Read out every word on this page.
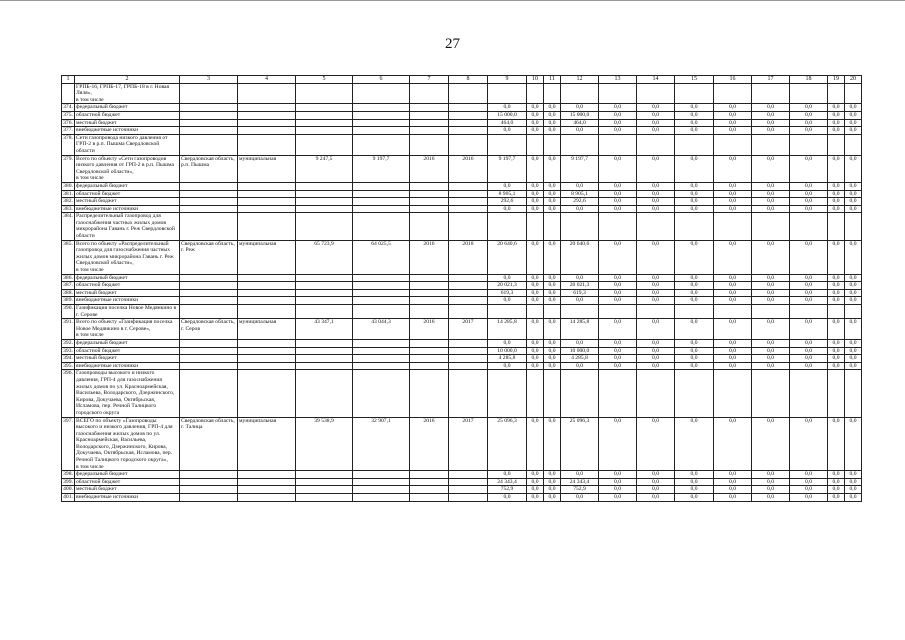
27
1	2	3	4	5	6	7	8	9	10	11	12	13	14	15	16	17	18	19	20
	ГРПБ-16, ГРПБ-17, ГРПБ-18 в г. Новая Ляля»,
в том числе																		
374.	федеральный бюджет							0,0	0,0	0,0	0,0	0,0	0,0	0,0	0,0	0,0	0,0	0,0	0,0
375.	областной бюджет							15 000,0	0,0	0,0	15 000,0	0,0	0,0	0,0	0,0	0,0	0,0	0,0	0,0
376.	местный бюджет							464,0	0,0	0,0	464,0	0,0	0,0	0,0	0,0	0,0	0,0	0,0	0,0
377.	внебюджетные источники							0,0	0,0	0,0	0,0	0,0	0,0	0,0	0,0	0,0	0,0	0,0	0,0
378.	Сети газопровода низкого давления от ГРП-2 в р.п. Пышма Свердловской области																		
379.	Всего по объекту «Сети газопроводов низкого давления от ГРП-2 в р.п. Пышма Свердловской области»,
в том числе	Свердловская область, р.п. Пышма	муниципальная	9 247,5	9 197,7	2016	2016	9 197,7	0,0	0,0	9 197,7	0,0	0,0	0,0	0,0	0,0	0,0	0,0	0,0
380.	федеральный бюджет							0,0	0,0	0,0	0,0	0,0	0,0	0,0	0,0	0,0	0,0	0,0	0,0
381.	областной бюджет							8 905,1	0,0	0,0	8 905,1	0,0	0,0	0,0	0,0	0,0	0,0	0,0	0,0
382.	местный бюджет							292,6	0,0	0,0	292,6	0,0	0,0	0,0	0,0	0,0	0,0	0,0	0,0
383.	внебюджетные источники							0,0	0,0	0,0	0,0	0,0	0,0	0,0	0,0	0,0	0,0	0,0	0,0
384.	Распределительный газопровод для газоснабжения частных жилых домов микрорайона Гавань г. Реж Свердловской области																		
385.	Всего по объекту «Распределительный газопровод для газоснабжения частных жилых домов микрорайона Гавань г. Реж Свердловской области»,
в том числе	Свердловская область, г. Реж	муниципальная	65 723,9	64 025,5	2016	2018	20 640,6	0,0	0,0	20 640,6	0,0	0,0	0,0	0,0	0,0	0,0	0,0	0,0
386.	федеральный бюджет							0,0	0,0	0,0	0,0	0,0	0,0	0,0	0,0	0,0	0,0	0,0	0,0
387.	областной бюджет							20 021,3	0,0	0,0	20 021,3	0,0	0,0	0,0	0,0	0,0	0,0	0,0	0,0
388.	местный бюджет							619,3	0,0	0,0	619,3	0,0	0,0	0,0	0,0	0,0	0,0	0,0	0,0
389.	внебюджетные источники							0,0	0,0	0,0	0,0	0,0	0,0	0,0	0,0	0,0	0,0	0,0	0,0
390.	Газификация поселка Новое Медянкино в г. Серове																		
391.	Всего по объекту «Газификация поселка Новое Медянкино в г. Серове»,
в том числе	Свердловская область, г. Серов	муниципальная	43 347,1	43 044,3	2016	2017	14 285,8	0,0	0,0	14 285,8	0,0	0,0	0,0	0,0	0,0	0,0	0,0	0,0
392.	федеральный бюджет							0,0	0,0	0,0	0,0	0,0	0,0	0,0	0,0	0,0	0,0	0,0	0,0
393.	областной бюджет							10 000,0	0,0	0,0	10 000,0	0,0	0,0	0,0	0,0	0,0	0,0	0,0	0,0
394.	местный бюджет							4 285,8	0,0	0,0	4 285,8	0,0	0,0	0,0	0,0	0,0	0,0	0,0	0,0
395.	внебюджетные источники							0,0	0,0	0,0	0,0	0,0	0,0	0,0	0,0	0,0	0,0	0,0	0,0
396.	Газопроводы высокого и низкого давления, ГРП-4 для газоснабжения жилых домов по ул. Красноармейская, Васильева, Володарского, Дзержинского, Кирова, Докучаева, Октябрьская, Исламова, пер. Речной Талицкого городского округа																		
397.	ВСЕГО по объекту «Газопроводы высокого и низкого давления, ГРП-4 для газоснабжения жилых домов по ул. Красноармейская, Васильева, Володарского, Дзержинского, Кирова, Докучаева, Октябрьская, Исламова, пер. Речной Талицкого городского округа»,
в том числе	Свердловская область, г. Талица	муниципальная	39 538,9	32 907,1	2016	2017	25 096,3	0,0	0,0	25 096,3	0,0	0,0	0,0	0,0	0,0	0,0	0,0	0,0
398.	федеральный бюджет							0,0	0,0	0,0	0,0	0,0	0,0	0,0	0,0	0,0	0,0	0,0	0,0
399.	областной бюджет							24 343,4	0,0	0,0	24 343,4	0,0	0,0	0,0	0,0	0,0	0,0	0,0	0,0
400.	местный бюджет							752,9	0,0	0,0	752,9	0,0	0,0	0,0	0,0	0,0	0,0	0,0	0,0
401.	внебюджетные источники							0,0	0,0	0,0	0,0	0,0	0,0	0,0	0,0	0,0	0,0	0,0	0,0
